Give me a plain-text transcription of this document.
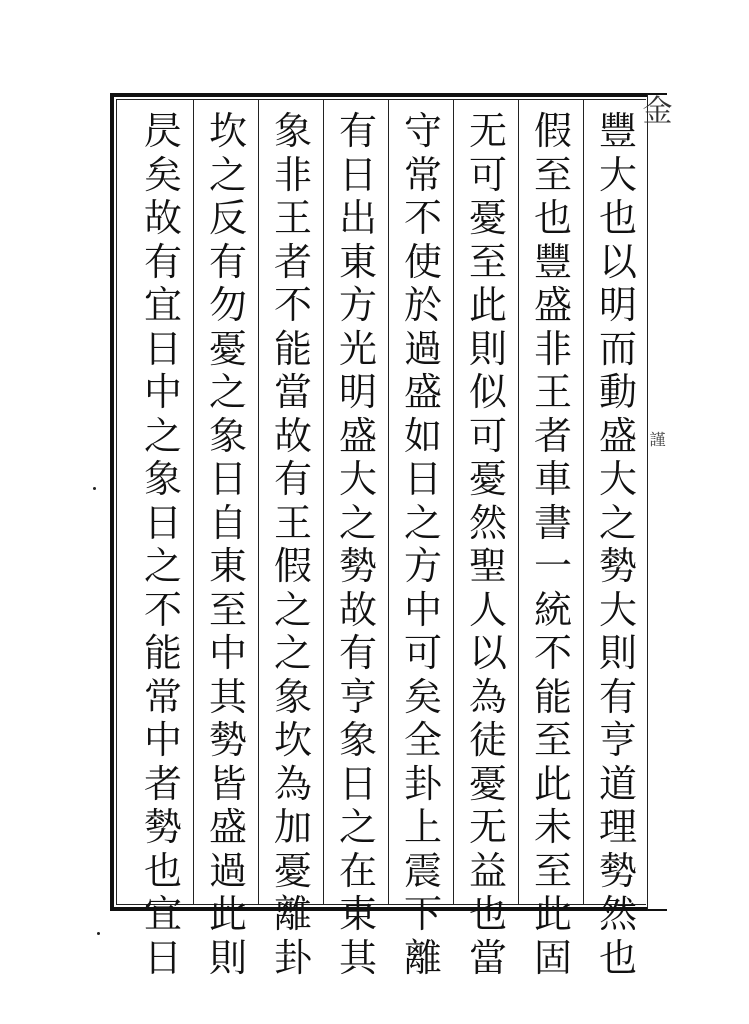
金
謹
豐
大
也
以
明
而
動
盛
大
之
勢
大
則
有
亨
道
理
勢
然
也
假
至
也
豐
盛
非
王
者
車
書
一
統
不
能
至
此
未
至
此
固
无
可
憂
至
此
則
似
可
憂
然
聖
人
以
為
徒
憂
无
益
也
當
守
常
不
使
於
過
盛
如
日
之
方
中
可
矣
全
卦
上
震
下
離
有
日
出
東
方
光
明
盛
大
之
勢
故
有
亨
象
日
之
在
東
其
象
非
王
者
不
能
當
故
有
王
假
之
之
象
坎
為
加
憂
離
卦
坎
之
反
有
勿
憂
之
象
日
自
東
至
中
其
勢
皆
盛
過
此
則
昃
矣
故
有
宜
日
中
之
象
日
之
不
能
常
中
者
勢
也
宜
日
